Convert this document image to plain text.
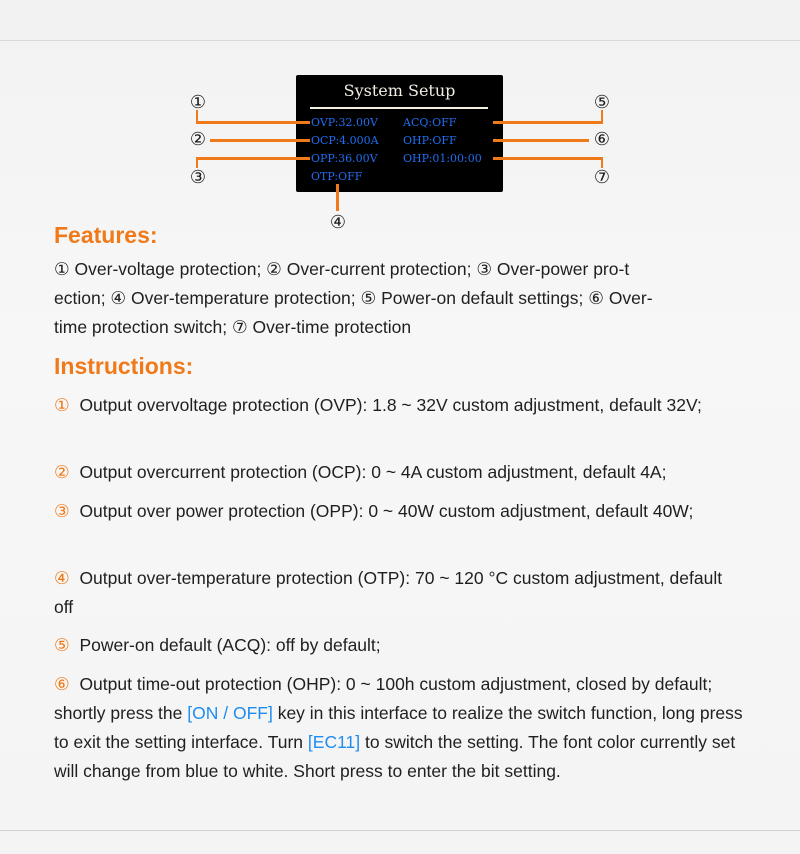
System Setup
OVP:32.00V ACQ:OFF
OCP:4.000A OHP:OFF
OPP:36.00V OHP:01:00:00
OTP:OFF
①
②
③
④
⑤
⑥
⑦
Features:
① Over-voltage protection; ② Over-current protection; ③ Over-power pro-t
ection; ④ Over-temperature protection; ⑤ Power-on default settings; ⑥ Over-
time protection switch; ⑦ Over-time protection
Instructions:
① Output overvoltage protection (OVP): 1.8 ~ 32V custom adjustment, default 32V;
② Output overcurrent protection (OCP): 0 ~ 4A custom adjustment, default 4A;
③ Output over power protection (OPP): 0 ~ 40W custom adjustment, default 40W;
④ Output over-temperature protection (OTP): 70 ~ 120 °C custom adjustment, default off
⑤ Power-on default (ACQ): off by default;
⑥ Output time-out protection (OHP): 0 ~ 100h custom adjustment, closed by default; shortly press the [ON / OFF] key in this interface to realize the switch function, long press to exit the setting interface. Turn [EC11] to switch the setting. The font color currently set will change from blue to white. Short press to enter the bit setting.
